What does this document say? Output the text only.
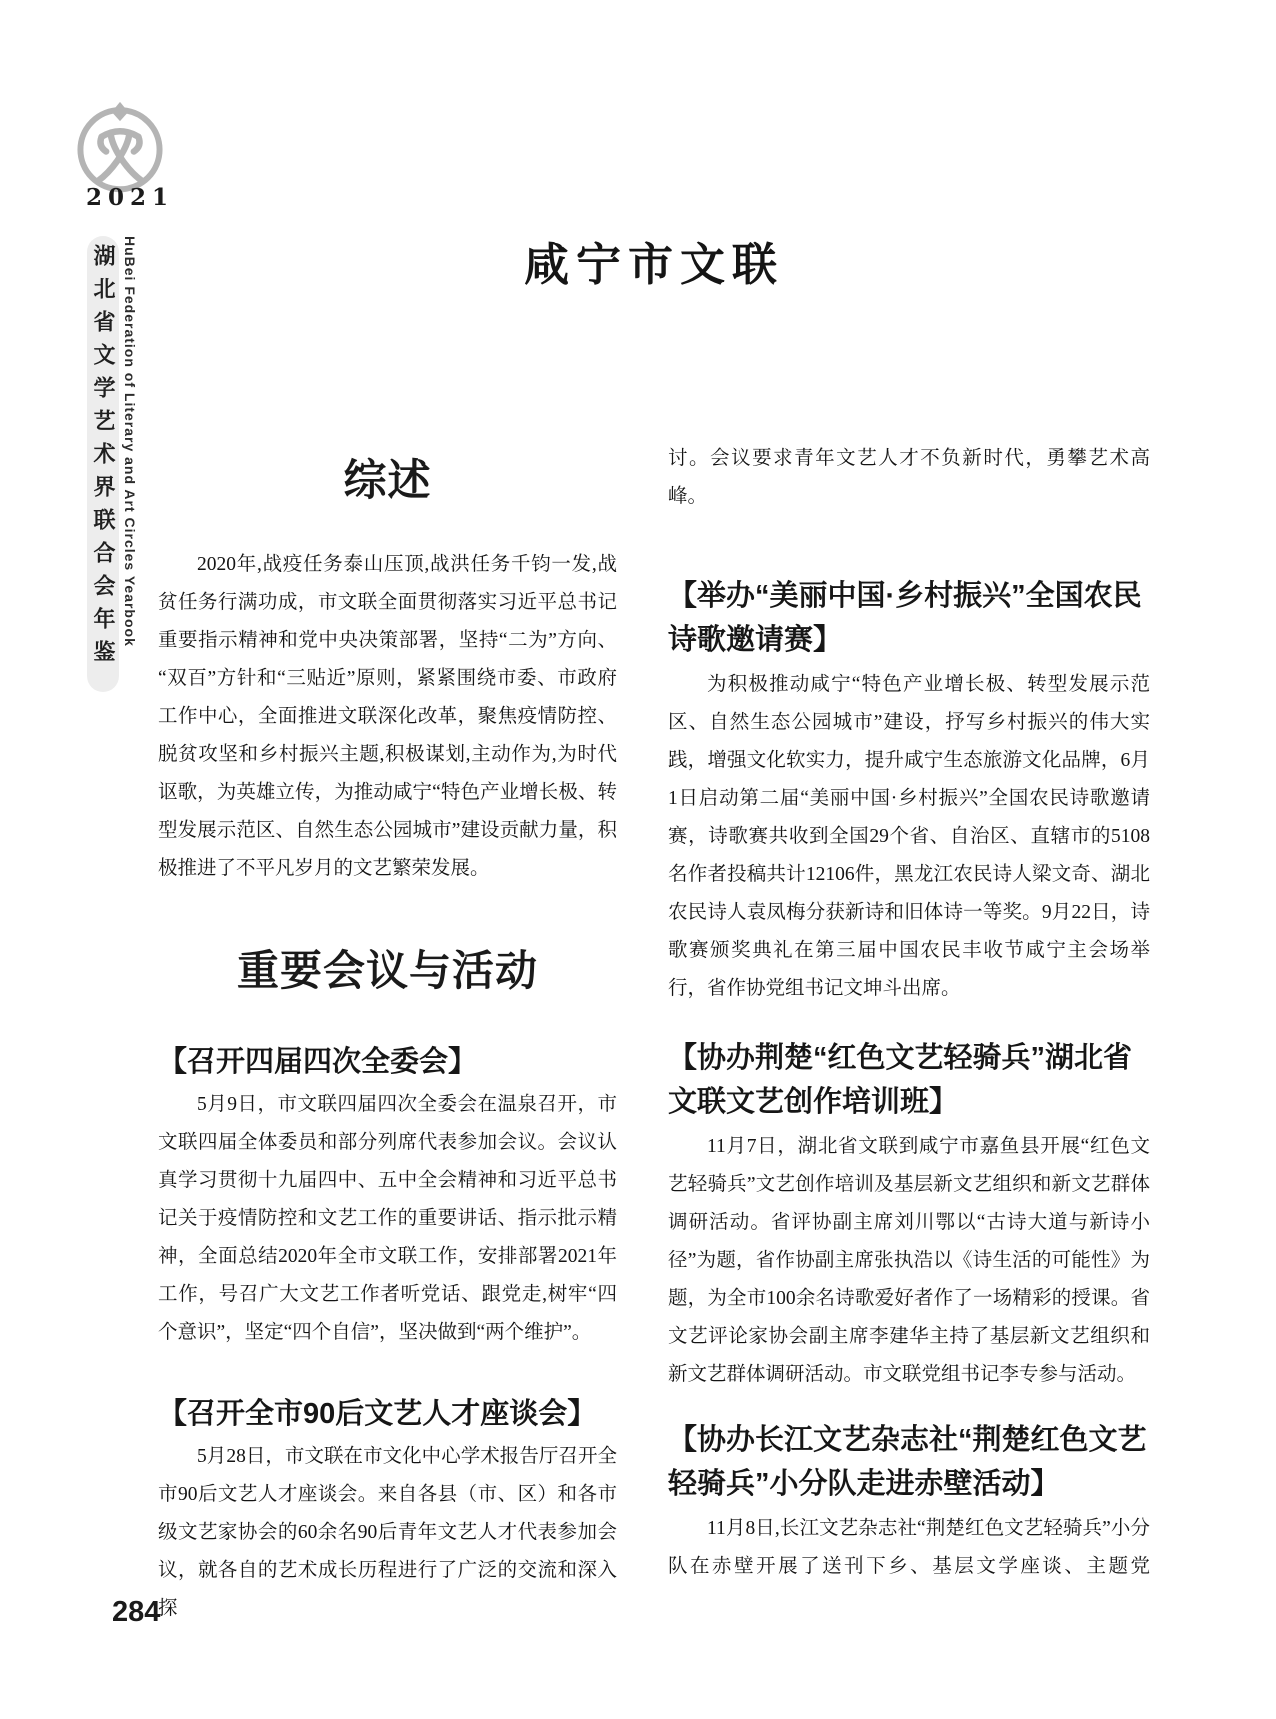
2021
湖北省文学艺术界联合会年鉴 HuBei Federation of Literary and Art Circles Yearbook
284
咸宁市文联
综述

2020年,战疫任务泰山压顶,战洪任务千钧一发,战贫任务行满功成，市文联全面贯彻落实习近平总书记重要指示精神和党中央决策部署，坚持“二为”方向、“双百”方针和“三贴近”原则，紧紧围绕市委、市政府工作中心，全面推进文联深化改革，聚焦疫情防控、脱贫攻坚和乡村振兴主题,积极谋划,主动作为,为时代讴歌，为英雄立传，为推动咸宁“特色产业增长极、转型发展示范区、自然生态公园城市”建设贡献力量，积极推进了不平凡岁月的文艺繁荣发展。

重要会议与活动
【召开四届四次全委会】

5月9日，市文联四届四次全委会在温泉召开，市文联四届全体委员和部分列席代表参加会议。会议认真学习贯彻十九届四中、五中全会精神和习近平总书记关于疫情防控和文艺工作的重要讲话、指示批示精神，全面总结2020年全市文联工作，安排部署2021年工作，号召广大文艺工作者听党话、跟党走,树牢“四个意识”，坚定“四个自信”，坚决做到“两个维护”。

【召开全市90后文艺人才座谈会】

5月28日，市文联在市文化中心学术报告厅召开全市90后文艺人才座谈会。来自各县（市、区）和各市级文艺家协会的60余名90后青年文艺人才代表参加会议，就各自的艺术成长历程进行了广泛的交流和深入探

讨。会议要求青年文艺人才不负新时代，勇攀艺术高峰。

【举办“美丽中国·乡村振兴”全国农民诗歌邀请赛】

为积极推动咸宁“特色产业增长极、转型发展示范区、自然生态公园城市”建设，抒写乡村振兴的伟大实践，增强文化软实力，提升咸宁生态旅游文化品牌，6月1日启动第二届“美丽中国·乡村振兴”全国农民诗歌邀请赛，诗歌赛共收到全国29个省、自治区、直辖市的5108名作者投稿共计12106件，黑龙江农民诗人梁文奇、湖北农民诗人袁凤梅分获新诗和旧体诗一等奖。9月22日，诗歌赛颁奖典礼在第三届中国农民丰收节咸宁主会场举行，省作协党组书记文坤斗出席。

【协办荆楚“红色文艺轻骑兵”湖北省文联文艺创作培训班】

11月7日，湖北省文联到咸宁市嘉鱼县开展“红色文艺轻骑兵”文艺创作培训及基层新文艺组织和新文艺群体调研活动。省评协副主席刘川鄂以“古诗大道与新诗小径”为题，省作协副主席张执浩以《诗生活的可能性》为题，为全市100余名诗歌爱好者作了一场精彩的授课。省文艺评论家协会副主席李建华主持了基层新文艺组织和新文艺群体调研活动。市文联党组书记李专参与活动。

【协办长江文艺杂志社“荆楚红色文艺轻骑兵”小分队走进赤壁活动】

11月8日,长江文艺杂志社“荆楚红色文艺轻骑兵”小分队在赤壁开展了送刊下乡、基层文学座谈、主题党
